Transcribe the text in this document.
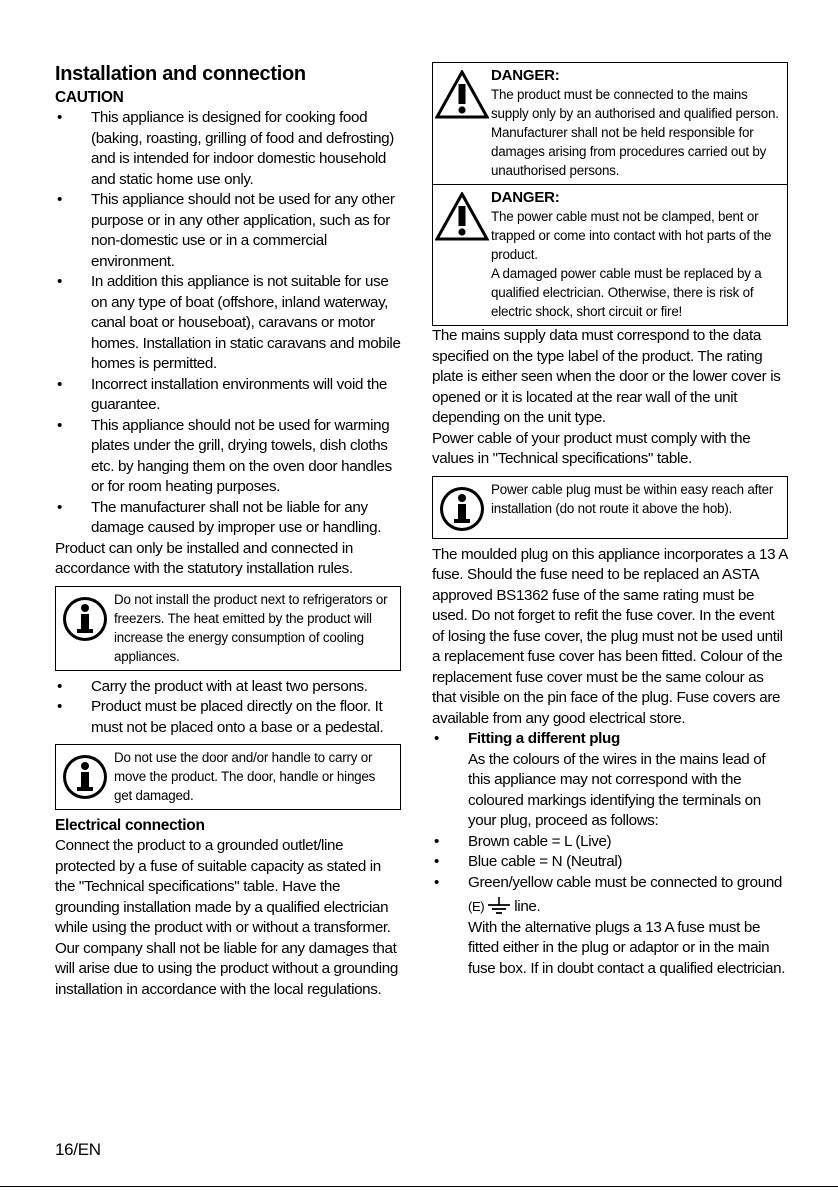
Installation and connection
CAUTION
• This appliance is designed for cooking food (baking, roasting, grilling of food and defrosting) and is intended for indoor domestic household and static home use only.
• This appliance should not be used for any other purpose or in any other application, such as for non-domestic use or in a commercial environment.
• In addition this appliance is not suitable for use on any type of boat (offshore, inland waterway, canal boat or houseboat), caravans or motor homes. Installation in static caravans and mobile homes is permitted.
• Incorrect installation environments will void the guarantee.
• This appliance should not be used for warming plates under the grill, drying towels, dish cloths etc. by hanging them on the oven door handles or for room heating purposes.
• The manufacturer shall not be liable for any damage caused by improper use or handling.

Product can only be installed and connected in accordance with the statutory installation rules.

Do not install the product next to refrigerators or freezers. The heat emitted by the product will increase the energy consumption of cooling appliances.
• Carry the product with at least two persons.
• Product must be placed directly on the floor. It must not be placed onto a base or a pedestal.
Do not use the door and/or handle to carry or move the product. The door, handle or hinges get damaged.
Electrical connection

Connect the product to a grounded outlet/line protected by a fuse of suitable capacity as stated in the "Technical specifications" table. Have the grounding installation made by a qualified electrician while using the product with or without a transformer. Our company shall not be liable for any damages that will arise due to using the product without a grounding installation in accordance with the local regulations.

DANGER:
The product must be connected to the mains supply only by an authorised and qualified person. Manufacturer shall not be held responsible for damages arising from procedures carried out by unauthorised persons.
DANGER:
The power cable must not be clamped, bent or trapped or come into contact with hot parts of the product.
A damaged power cable must be replaced by a qualified electrician. Otherwise, there is risk of electric shock, short circuit or fire!

The mains supply data must correspond to the data specified on the type label of the product. The rating plate is either seen when the door or the lower cover is opened or it is located at the rear wall of the unit depending on the unit type.

Power cable of your product must comply with the values in "Technical specifications" table.

Power cable plug must be within easy reach after installation (do not route it above the hob).

The moulded plug on this appliance incorporates a 13 A fuse. Should the fuse need to be replaced an ASTA approved BS1362 fuse of the same rating must be used. Do not forget to refit the fuse cover. In the event of losing the fuse cover, the plug must not be used until a replacement fuse cover has been fitted. Colour of the replacement fuse cover must be the same colour as that visible on the pin face of the plug. Fuse covers are available from any good electrical store.

• Fitting a different plug
As the colours of the wires in the mains lead of this appliance may not correspond with the coloured markings identifying the terminals on your plug, proceed as follows:
• Brown cable = L (Live)
• Blue cable = N (Neutral)
• Green/yellow cable must be connected to ground
(E) line.
With the alternative plugs a 13 A fuse must be fitted either in the plug or adaptor or in the main fuse box. If in doubt contact a qualified electrician.
16/EN
